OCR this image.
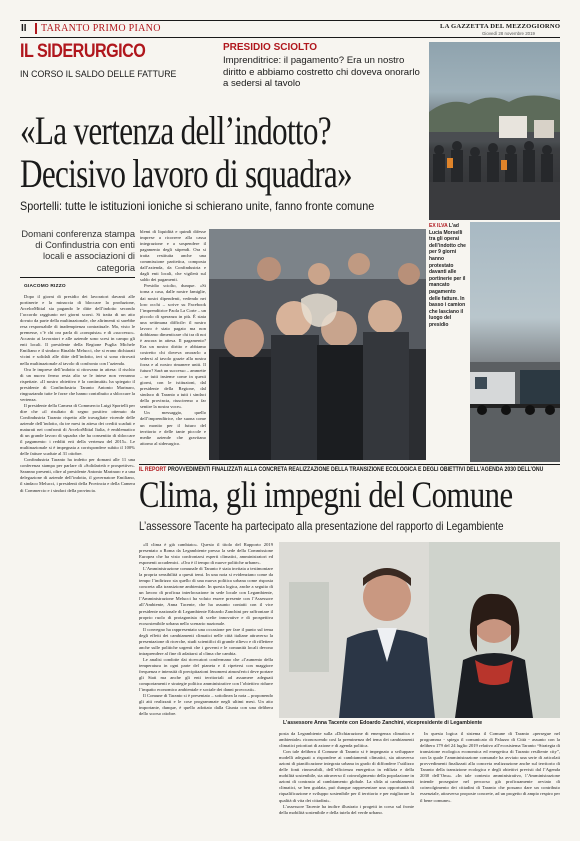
II TARANTO PRIMO PIANO	LA GAZZETTA DEL MEZZOGIORNO
Giovedì 28 novembre 2019
IL SIDERURGICO
IN CORSO IL SALDO DELLE FATTURE
PRESIDIO SCIOLTO
Imprenditrice: il pagamento? Era un nostro diritto e abbiamo costretto chi doveva onorarlo a sedersi al tavolo
«La vertenza dell’indotto?
Decisivo lavoro di squadra»
Sportelli: tutte le istituzioni ioniche si schierano unite, fanno fronte comune
Domani conferenza stampa di Confindustria con enti locali e associazioni di categoria
GIACOMO RIZZO

Dopo il giorni di presidio dei lavoratori davanti alle portinerie e la minaccia di bloccare la produzione, ArcelorMittal sta pagando le ditte dell’indotto secondo l’accordo raggiunto nei giorni scorsi. Si tratta di un atto dovuto da parte della multinazionale, che altrimenti si sarebbe resa responsabile di inadempienza contrattuale. Ma, visto le premesse, c’è chi ora parla di «conquista» e di «successo». Accanto ai lavoratori e alle aziende sono scesi in campo gli enti locali. Il presidente della Regione Puglia Michele Emiliano e il sindaco Rinaldo Melucci, che si erano dichiarati vicini e solidali alle ditte dell’indotto, ieri si sono ritrovati nella multinazionale al tavolo di confronto con l’azienda.

Ora le imprese dell’indotto si ritrovano in attesa: il rischio di un nuovo fermo resta alto se le intese non verranno rispettate. «Il nostro obiettivo è la continuità» ha spiegato il presidente di Confindustria Taranto Antonio Marinaro, ringraziando tutte le forze che hanno contribuito a sbloccare la vertenza.

Il presidente della Camera di Commercio Luigi Sportelli per dire che «il risultato di segno positivo ottenuto da Confindustria Taranto rispetto alle travagliate vicende delle aziende dell’indotto, da tre mesi in attesa dei crediti scaduti e maturati nei confronti di ArcelorMittal Italia, è emblematico di un grande lavoro di squadra che ha consentito di sbloccare il pagamento: i redditi erti della vertenza del 2015». Le multinazionale si è impegnata a corrispondere subito il 100% delle fatture scadute al 31 ottobre.

Confindustria Taranto ha indetto per domani alle 11 una conferenza stampa per parlare di «Solidarietà e prospettive». Saranno presenti, oltre al presidente Antonio Marinaro e a una delegazione di aziende dell’indotto, il governatore Emiliano, il sindaco Melucci, i presidenti della Provincia e della Camera di Commercio e i sindaci della provincia.

blemi di liquidità e quindi difesse imprese a ricorrere alla cassa integrazione e a sospendere il pagamento degli stipendi. Ora si tratta restituita anche una commissione paritetica, composta dall’azienda, da Confindustria e dagli enti locali, che vigilerà sul saldo dei pagamenti.

Presidio sciolto, dunque. «Si torna a casa, dalle nostre famiglie, dai nostri dipendenti, vedendo nei loro occhi – scrive su Facebook l’imprenditrice Paola La Corte – un piccolo di speranza in più. È stata una settimana difficile: il nostro lavoro è stato pagato ma non dobbiamo dimenticare chi tra di noi è ancora in attesa. Il pagamento? Era un nostro diritto e abbiamo costretto chi doveva onorarlo a sedersi al tavolo grazie alla nostra forza e al nostro rimanere uniti. Il futuro? Sarà un successo – ammette – se tutti insieme come in questi giorni, con le istituzioni, dal presidente della Regione, dal sindaco di Taranto a tutti i sindaci della provincia, riusciremo a far sentire la nostra voce».

Un messaggio, quello dell’imprenditrice, che suona come un monito per il futuro del territorio e delle tante piccole e medie aziende che gravitano attorno al siderurgico.

EX ILVA L’ad Lucia Morselli tra gli operai dell’indotto che per 9 giorni hanno protestato davanti alle portinerie per il mancato pagamento delle fatture. In basso i camion che lasciano il luogo del presidio
IL REPORT PROVVEDIMENTI FINALIZZATI ALLA CONCRETA REALIZZAZIONE DELLA TRANSIZIONE ECOLOGICA E DEGLI OBIETTIVI DELL’AGENDA 2030 DELL’ONU
Clima, gli impegni del Comune
L’assessore Tacente ha partecipato alla presentazione del rapporto di Legambiente

«Il clima è già cambiato». Questo il titolo del Rapporto 2019 presentato a Roma da Legambiente presso la sede della Commissione Europea che ha visto confrontarsi esperti climatici, amministratori ed esponenti accademici. «Ora è il tempo di nuove politiche urbane».

L’Amministrazione comunale di Taranto è stata invitata a testimoniare la propria sensibilità a questi temi. In una nota si evidenziano come da tempo l’indirizzo sia quello di una nuova politica urbana come risposta concreta alla transizione ambientale. In questa logica, anche a seguito di un lavoro di proficua interlocuzione in sede locale con Legambiente, l’Amministrazione Melucci ha voluto essere presente con l’Assessore all’Ambiente, Anna Tacente, che ha assunto contatti con il vice presidente nazionale di Legambiente Edoardo Zanchini per raffrontare il proprio ruolo di protagonista di scelte innovative e di prospettiva ecosostenibile urbana nello scenario nazionale.

Il convegno ha rappresentato una occasione per fare il punto sul tema degli effetti dei cambiamenti climatici nelle città italiane attraverso la presentazione di ricerche, studi scientifici di grande rilievo e di riflettere anche sulle politiche urgenti che i governi e le comunità locali devono intraprendere al fine di adattarsi al clima che cambia.

Le analisi condotte dai ricercatori confermano che «l’aumento della temperatura in ogni parte del pianeta e il ripetersi con maggiore frequenza e intensità di precipitazioni fenomeni atmosferici deve portare gli Stati ma anche gli enti territoriali ad assumere adeguati comportamenti e strategie politico amministrative con l’obiettivo ridurre l’impatto economico ambientale e sociale dei danni provocati».

Il Comune di Taranto si è presentato – sottolinea la nota – proponendo gli atti realizzati e le cose programmate negli ultimi mesi. Un atto importante, dunque, è quello adottato dalla Giunta con una delibera dello scorso ottobre.

L’assessore Anna Tacente con Edoardo Zanchini, vicepresidente di Legambiente

posta da Legambiente sulla «Dichiarazione di emergenza climatica e ambientale» riconoscendo così la preminenza del tema dei cambiamenti climatici prioritari di azione e di agenda politica.

Con tale delibera il Comune di Taranto si è impegnato a sviluppare modelli adeguati a rispondere ai cambiamenti climatici, sia attraverso azioni di pianificazione integrata urbana in grado di diffondere l’utilizzo delle fonti rinnovabili, dell’efficienza energetica in edilizia e della mobilità sostenibile, sia attraverso il coinvolgimento della popolazione in azioni di contrasto al cambiamento globale. La sfida ai cambiamenti climatici, se ben guidata, può dunque rappresentare una opportunità di riqualificazione e sviluppo sostenibile per il territorio e per migliorare la qualità di vita dei cittadini».

L’assessore Tacente ha inoltre illustrato i progetti in corso sul fronte della mobilità sostenibile e della tutela del verde urbano.

In questa logica il sistema il Comune di Taranto «persegue nel programma - spiega il comunicato di Palazzo di Città - assunto con la delibera 179 del 24 luglio 2019 relativo all’ecosistema Taranto “Strategia di transizione ecologica economica ed energetica di Taranto resiliente city”, con la quale l’amministrazione comunale ha avviato una serie di articolati provvedimenti finalizzati alla concreta realizzazione anche sul territorio di Taranto della transizione ecologica e degli obiettivi previsti dal l’Agenda 2030 dell’Onu». «In tale contesto amministrativo, l’Amministrazione intende proseguire nel percorso già proficuamente avviato di coinvolgimento dei cittadini di Taranto che possano dare un contributo essenziale, attraverso proposte concrete, ad un progetto di ampio respiro per il bene comune».
